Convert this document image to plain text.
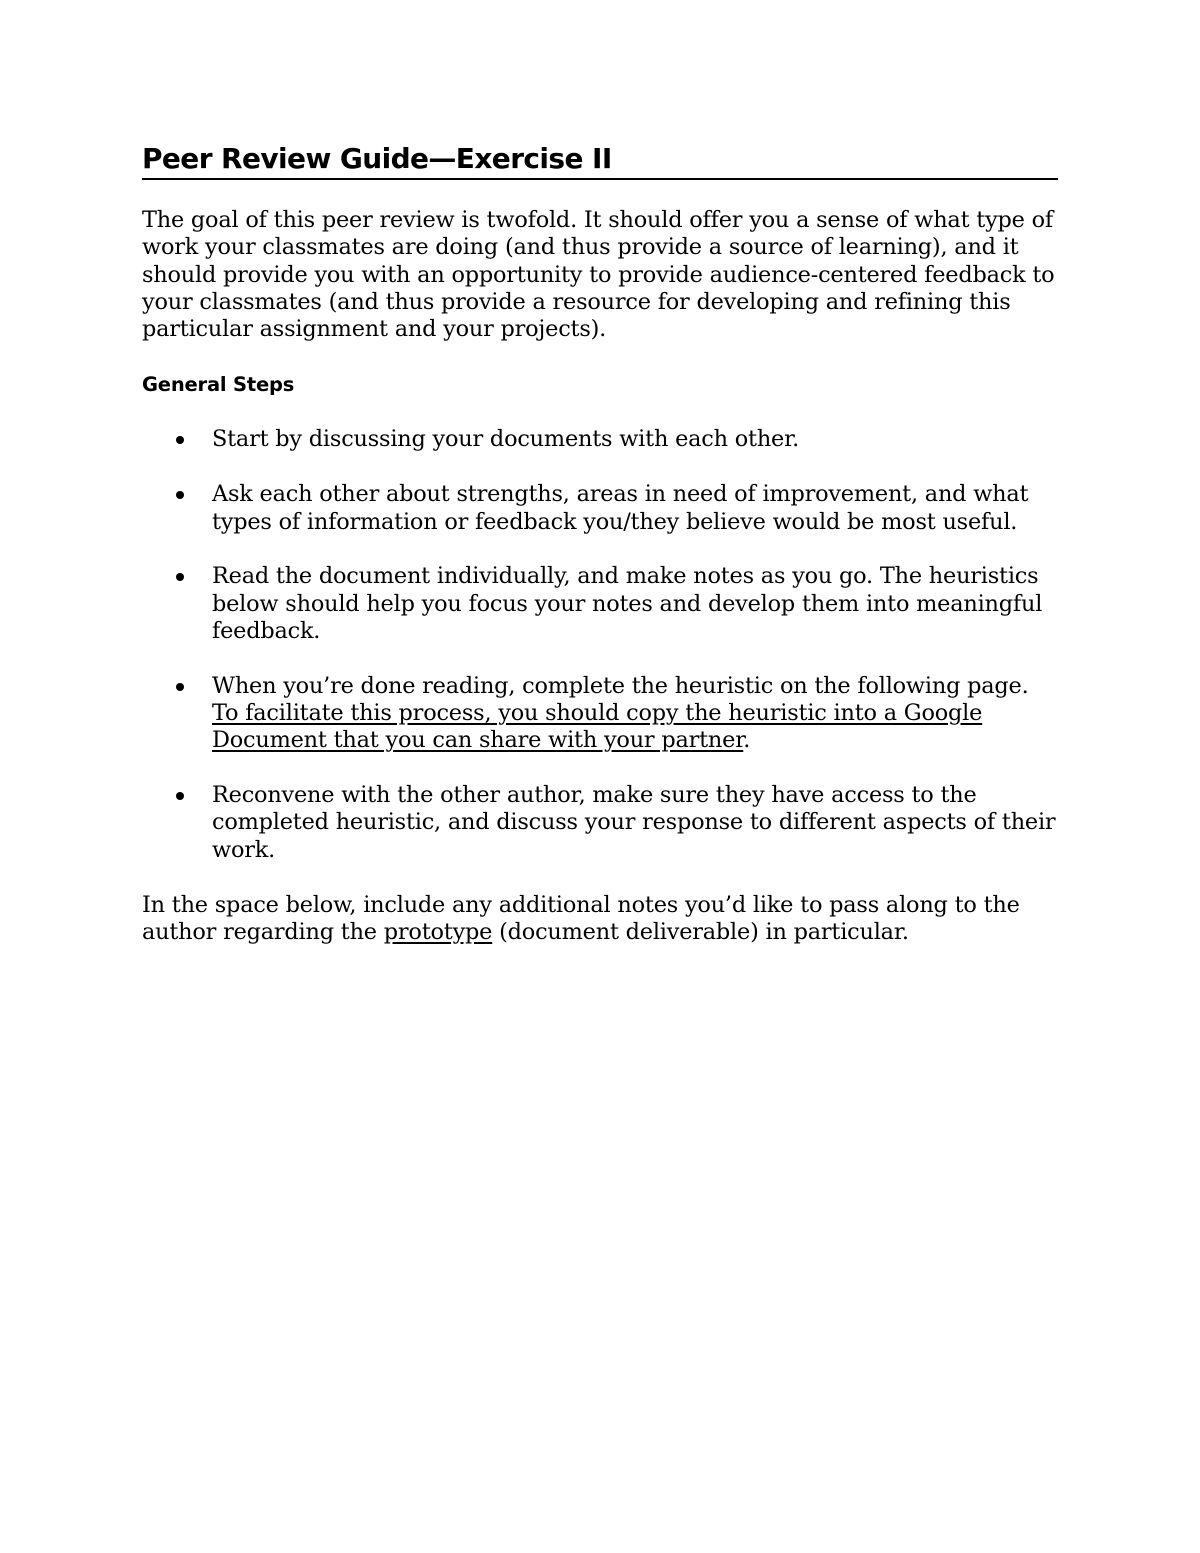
Peer Review Guide—Exercise II

The goal of this peer review is twofold. It should offer you a sense of what type of work your classmates are doing (and thus provide a source of learning), and it should provide you with an opportunity to provide audience-centered feedback to your classmates (and thus provide a resource for developing and refining this particular assignment and your projects).

General Steps
Start by discussing your documents with each other.
Ask each other about strengths, areas in need of improvement, and what types of information or feedback you/they believe would be most useful.
Read the document individually, and make notes as you go. The heuristics below should help you focus your notes and develop them into meaningful feedback.
When you’re done reading, complete the heuristic on the following page. To facilitate this process, you should copy the heuristic into a Google Document that you can share with your partner.
Reconvene with the other author, make sure they have access to the completed heuristic, and discuss your response to different aspects of their work.

In the space below, include any additional notes you’d like to pass along to the author regarding the prototype (document deliverable) in particular.
